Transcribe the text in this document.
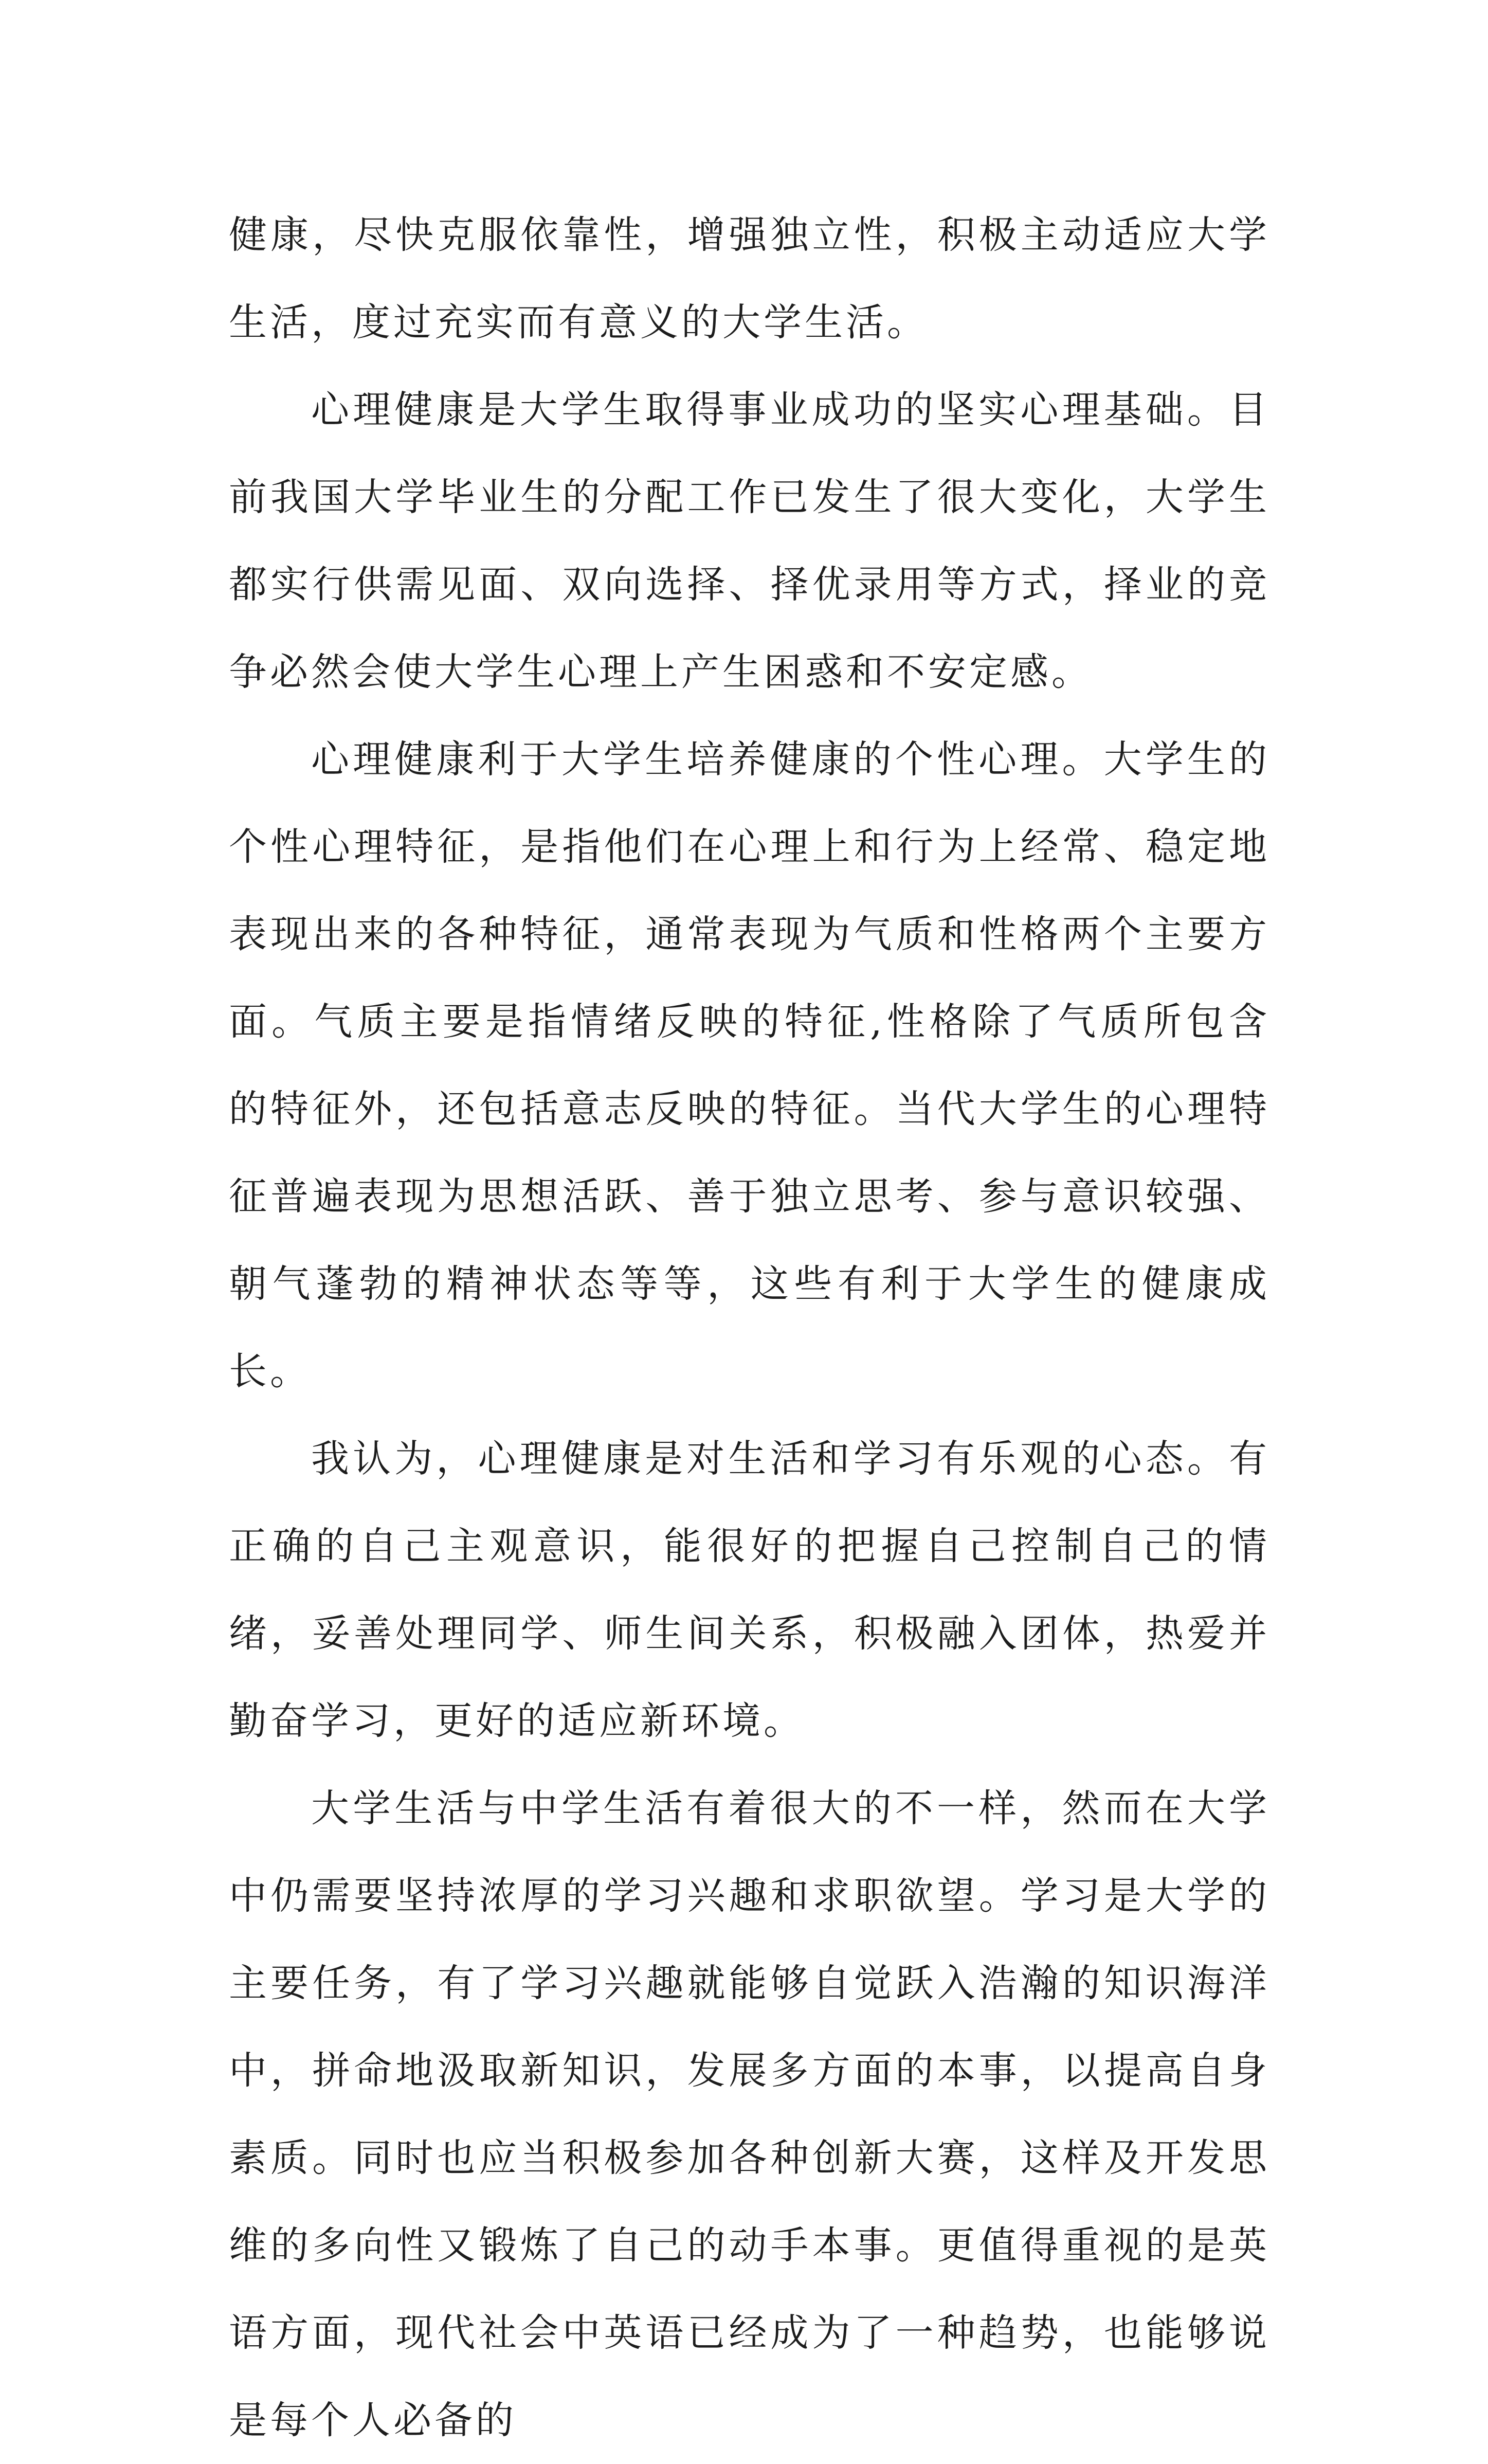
健康，尽快克服依靠性，增强独立性，积极主动适应大学生活，度过充实而有意义的大学生活。

心理健康是大学生取得事业成功的坚实心理基础。目前我国大学毕业生的分配工作已发生了很大变化，大学生都实行供需见面、双向选择、择优录用等方式，择业的竞争必然会使大学生心理上产生困惑和不安定感。

心理健康利于大学生培养健康的个性心理。大学生的个性心理特征，是指他们在心理上和行为上经常、稳定地表现出来的各种特征，通常表现为气质和性格两个主要方面。气质主要是指情绪反映的特征,性格除了气质所包含的特征外，还包括意志反映的特征。当代大学生的心理特征普遍表现为思想活跃、善于独立思考、参与意识较强、朝气蓬勃的精神状态等等，这些有利于大学生的健康成长。

我认为，心理健康是对生活和学习有乐观的心态。有正确的自己主观意识，能很好的把握自己控制自己的情绪，妥善处理同学、师生间关系，积极融入团体，热爱并勤奋学习，更好的适应新环境。

大学生活与中学生活有着很大的不一样，然而在大学中仍需要坚持浓厚的学习兴趣和求职欲望。学习是大学的主要任务，有了学习兴趣就能够自觉跃入浩瀚的知识海洋中，拼命地汲取新知识，发展多方面的本事，以提高自身素质。同时也应当积极参加各种创新大赛，这样及开发思维的多向性又锻炼了自己的动手本事。更值得重视的是英语方面，现代社会中英语已经成为了一种趋势，也能够说是每个人必备的
